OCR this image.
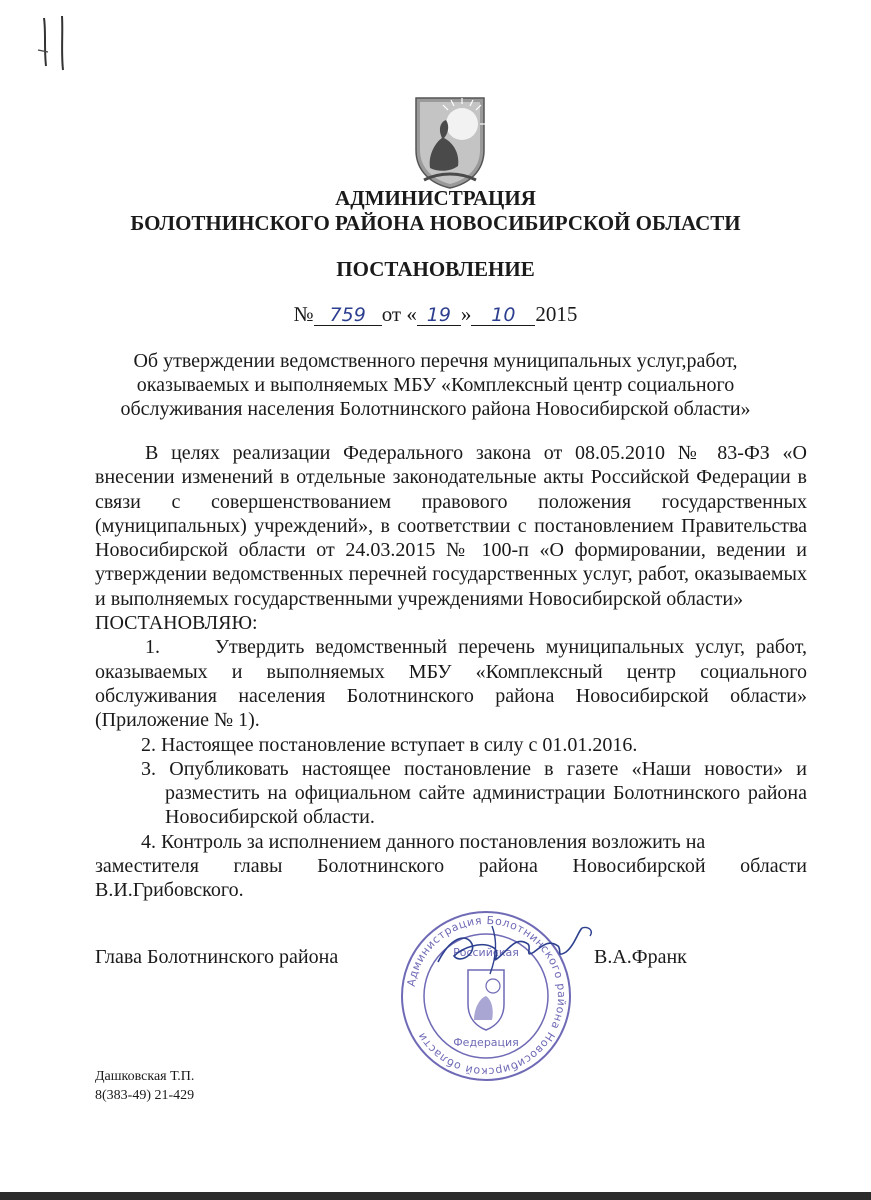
АДМИНИСТРАЦИЯ
БОЛОТНИНСКОГО РАЙОНА НОВОСИБИРСКОЙ ОБЛАСТИ
ПОСТАНОВЛЕНИЕ
№ 759 от « 19 » 10 2015
Об утверждении ведомственного перечня муниципальных услуг,работ,
оказываемых и выполняемых МБУ «Комплексный центр социального
обслуживания населения Болотнинского района Новосибирской области»

В целях реализации Федерального закона от 08.05.2010 № 83-ФЗ «О внесении изменений в отдельные законодательные акты Российской Федерации в связи с совершенствованием правового положения государственных (муниципальных) учреждений», в соответствии с постановлением Правительства Новосибирской области от 24.03.2015 № 100-п «О формировании, ведении и утверждении ведомственных перечней государственных услуг, работ, оказываемых и выполняемых государственными учреждениями Новосибирской области»

ПОСТАНОВЛЯЮ:

1.	Утвердить ведомственный перечень муниципальных услуг, работ, оказываемых и выполняемых МБУ «Комплексный центр социального обслуживания населения Болотнинского района Новосибирской области» (Приложение № 1).

2. Настоящее постановление вступает в силу с 01.01.2016.

3. Опубликовать настоящее постановление в газете «Наши новости» и разместить на официальном сайте администрации Болотнинского района Новосибирской области.

4. Контроль за исполнением данного постановления возложить на

заместителя главы Болотнинского района Новосибирской области

В.И.Грибовского.

Администрация Болотнинского района Новосибирской области
Российская
Федерация
Глава Болотнинского района	В.А.Франк
Дашковская Т.П.
8(383-49) 21-429
